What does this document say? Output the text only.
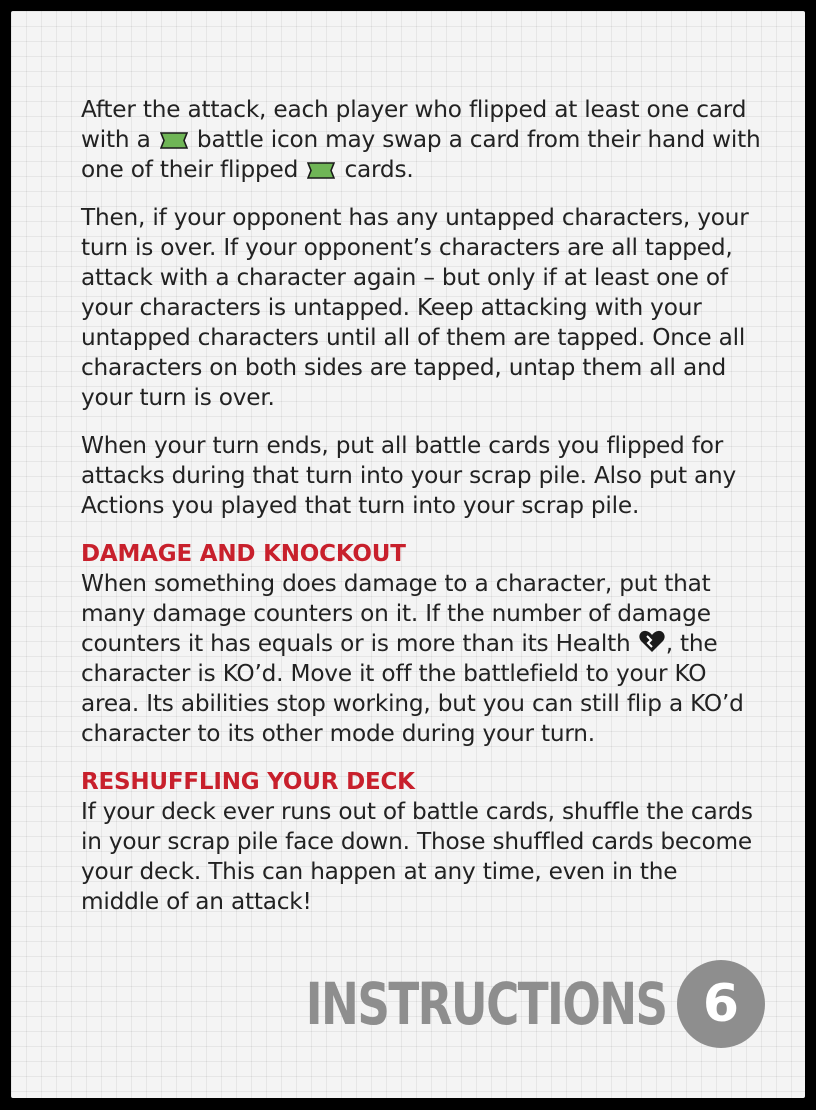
After the attack, each player who flipped at least one card with a battle icon may swap a card from their hand with one of their flipped cards.

Then, if your opponent has any untapped characters, your turn is over. If your opponent’s characters are all tapped, attack with a character again – but only if at least one of your characters is untapped. Keep attacking with your untapped characters until all of them are tapped. Once all characters on both sides are tapped, untap them all and your turn is over.

When your turn ends, put all battle cards you flipped for attacks during that turn into your scrap pile. Also put any Actions you played that turn into your scrap pile.

DAMAGE AND KNOCKOUT
When something does damage to a character, put that many damage counters on it. If the number of damage counters it has equals or is more than its Health , the character is KO’d. Move it off the battlefield to your KO area. Its abilities stop working, but you can still flip a KO’d character to its other mode during your turn.
RESHUFFLING YOUR DECK
If your deck ever runs out of battle cards, shuffle the cards in your scrap pile face down. Those shuffled cards become your deck. This can happen at any time, even in the middle of an attack!
INSTRUCTIONS 6
